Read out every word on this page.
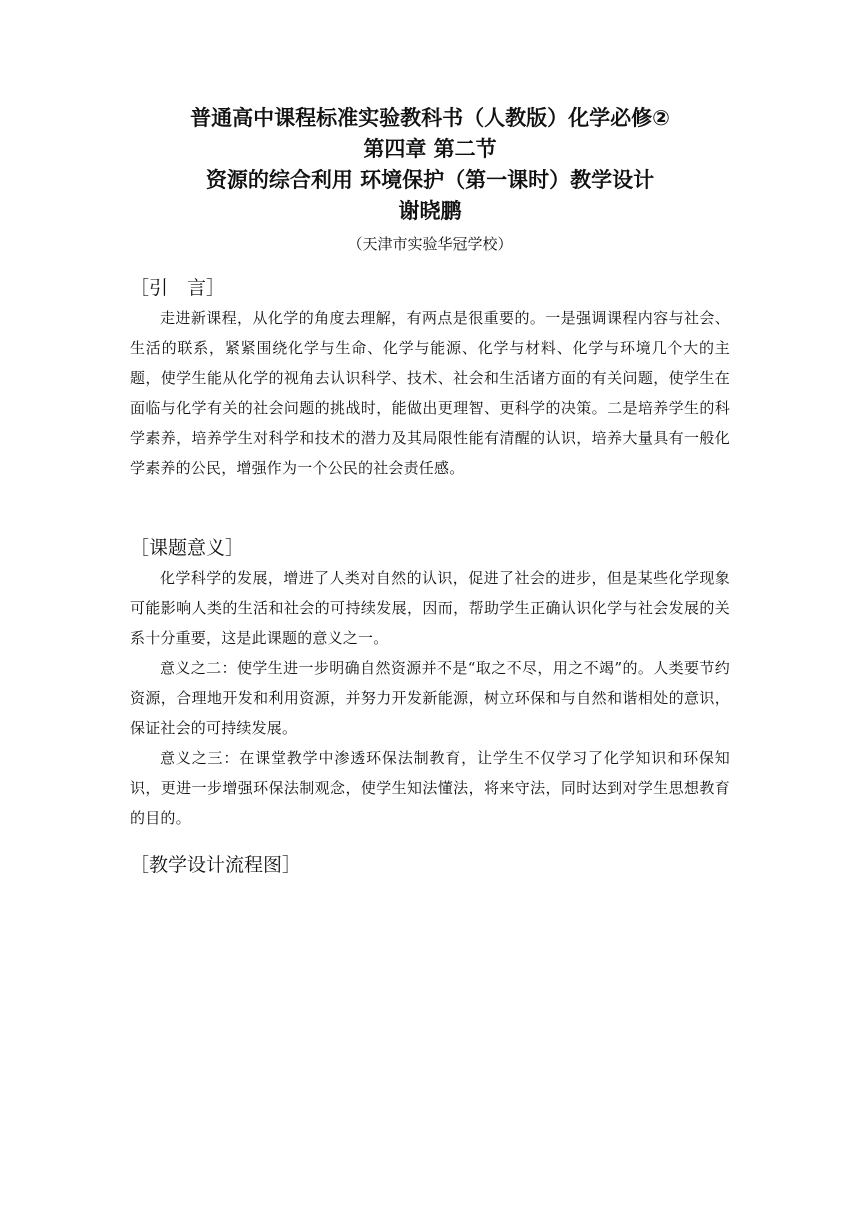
普通高中课程标准实验教科书（人教版）化学必修②
第四章 第二节
资源的综合利用 环境保护（第一课时）教学设计
谢晓鹏
（天津市实验华冠学校）
［引　言］

走进新课程，从化学的角度去理解，有两点是很重要的。一是强调课程内容与社会、生活的联系，紧紧围绕化学与生命、化学与能源、化学与材料、化学与环境几个大的主题，使学生能从化学的视角去认识科学、技术、社会和生活诸方面的有关问题，使学生在面临与化学有关的社会问题的挑战时，能做出更理智、更科学的决策。二是培养学生的科学素养，培养学生对科学和技术的潜力及其局限性能有清醒的认识，培养大量具有一般化学素养的公民，增强作为一个公民的社会责任感。

［课题意义］

化学科学的发展，增进了人类对自然的认识，促进了社会的进步，但是某些化学现象可能影响人类的生活和社会的可持续发展，因而，帮助学生正确认识化学与社会发展的关系十分重要，这是此课题的意义之一。

意义之二：使学生进一步明确自然资源并不是“取之不尽，用之不竭”的。人类要节约资源，合理地开发和利用资源，并努力开发新能源，树立环保和与自然和谐相处的意识，保证社会的可持续发展。

意义之三：在课堂教学中渗透环保法制教育，让学生不仅学习了化学知识和环保知识，更进一步增强环保法制观念，使学生知法懂法，将来守法，同时达到对学生思想教育的目的。

［教学设计流程图］
